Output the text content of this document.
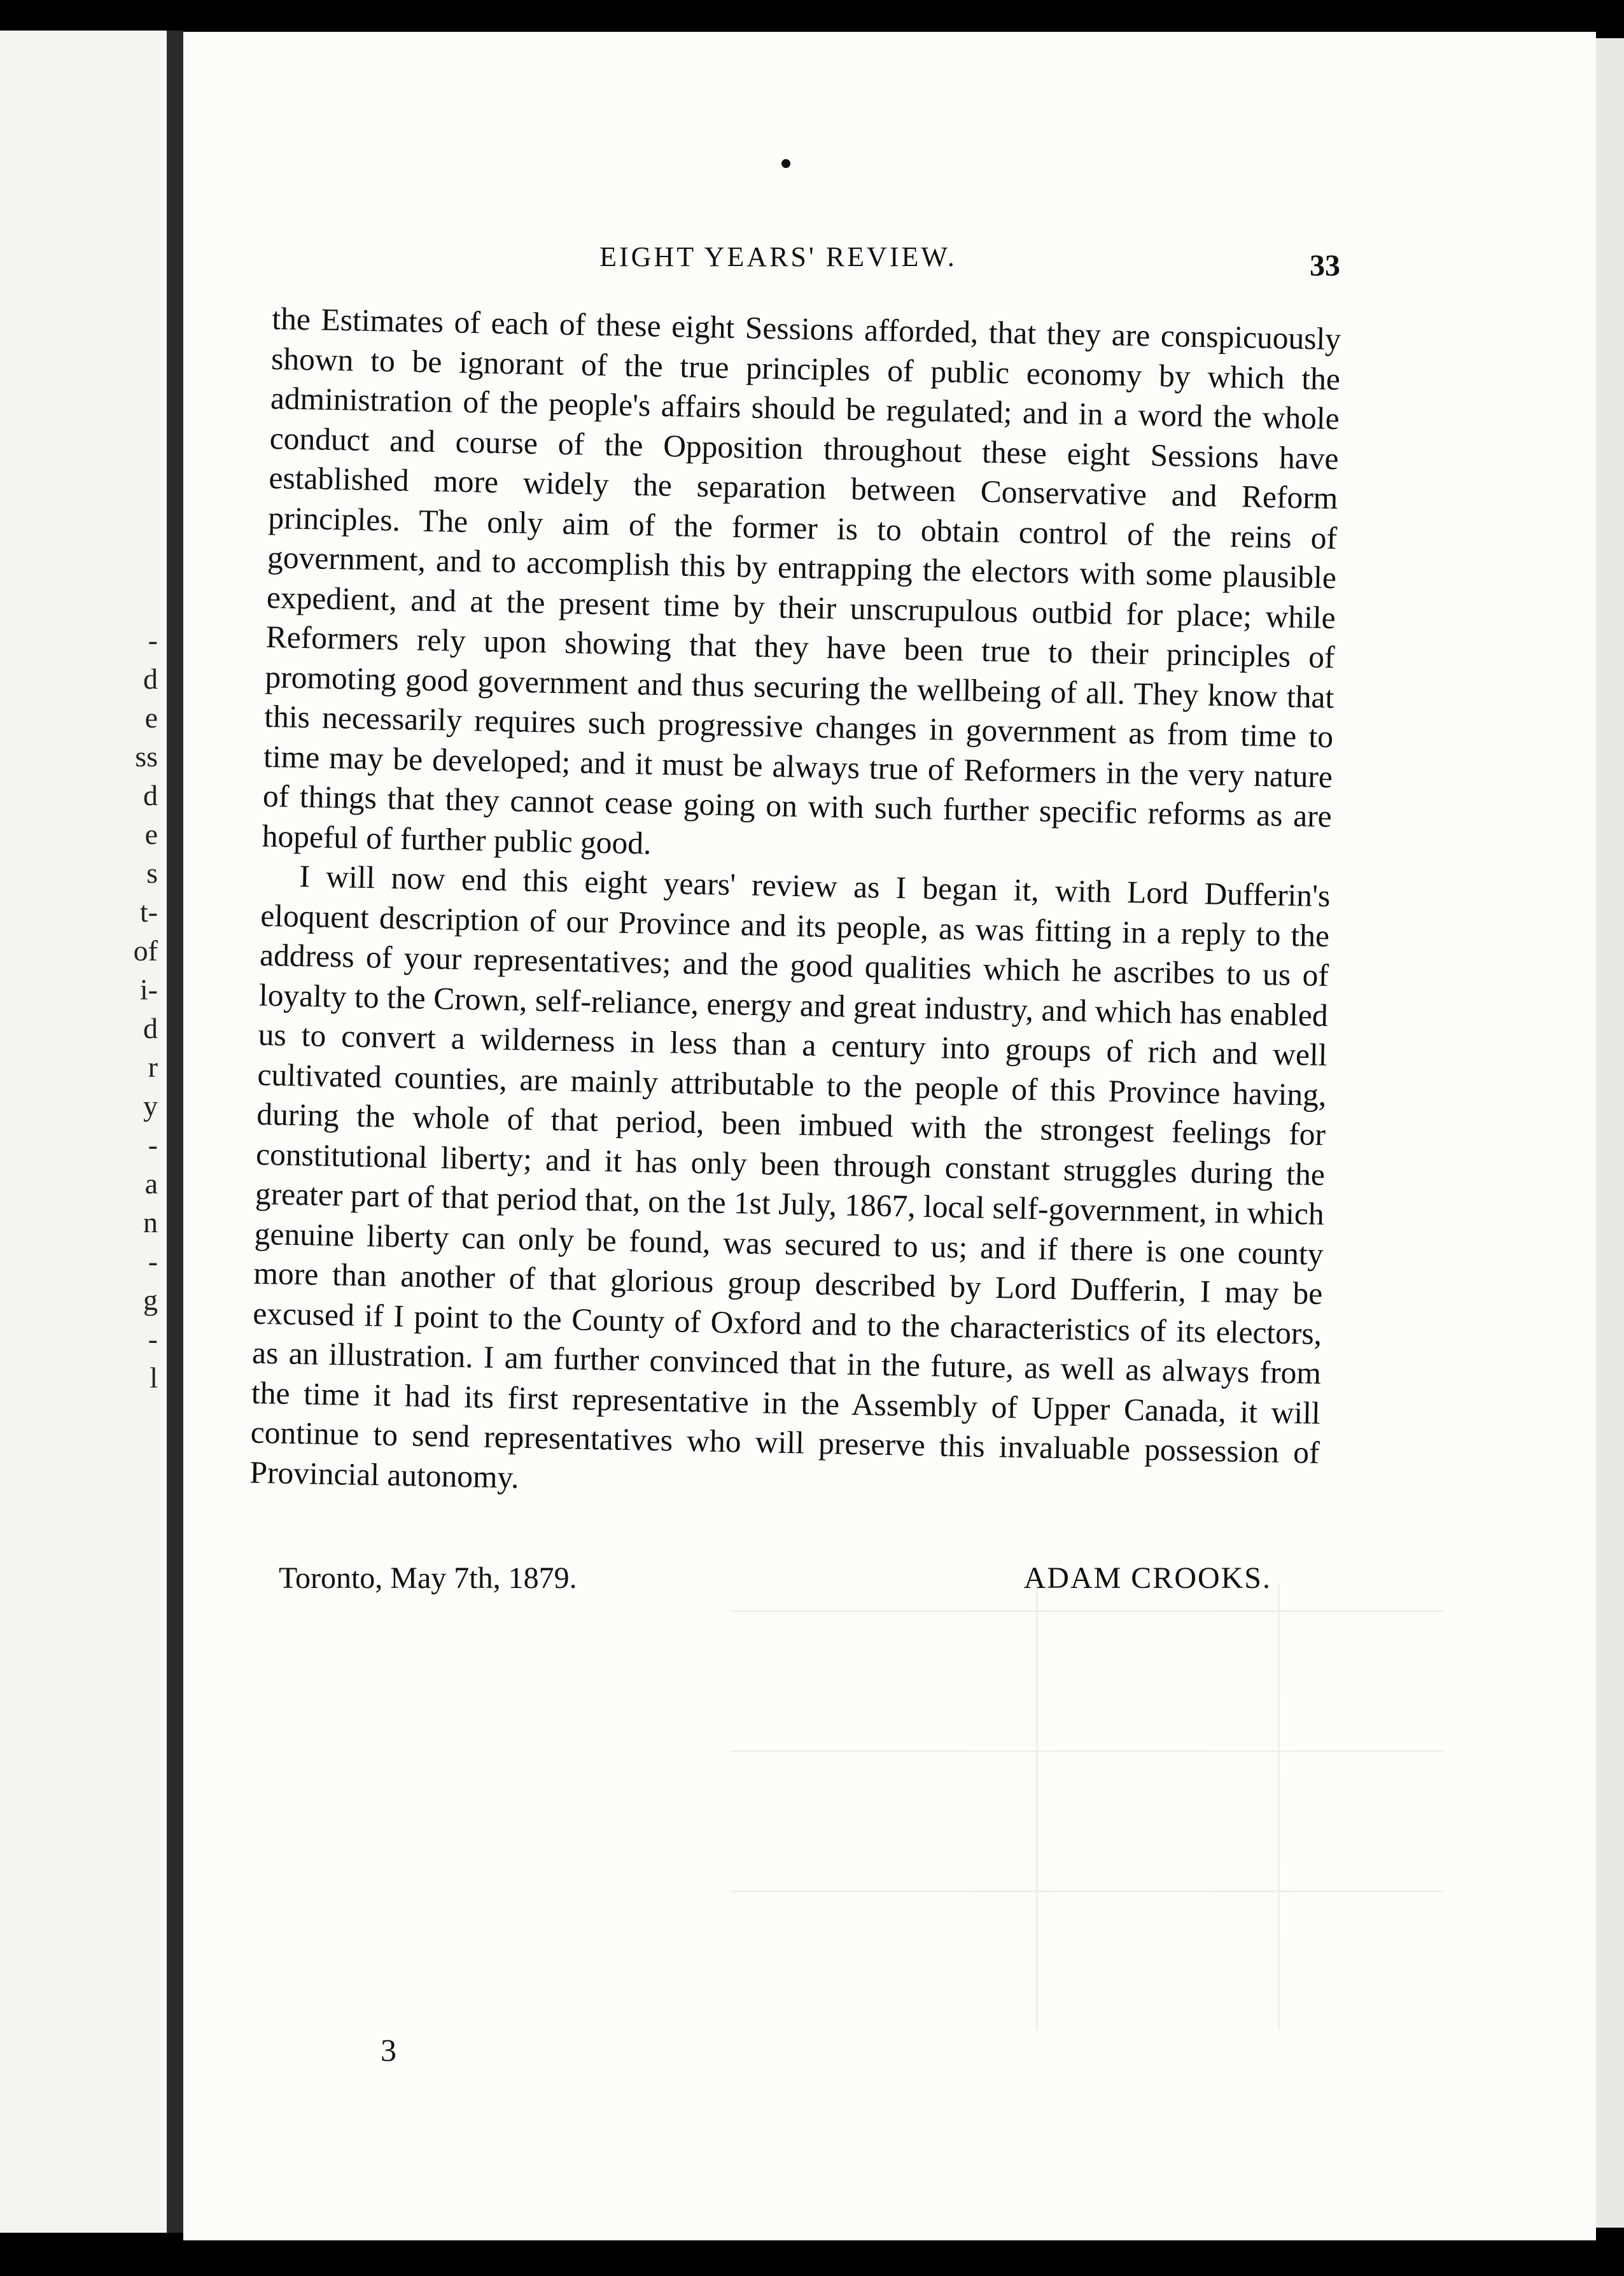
-
d
e
ss
d
e
s
t-
of
i-
d
r
y
-
a
n
-
g
-
l
EIGHT YEARS' REVIEW.	33

the Estimates of each of these eight Sessions afforded, that they are conspicuously shown to be ignorant of the true principles of public economy by which the administration of the people's affairs should be regulated; and in a word the whole conduct and course of the Opposition throughout these eight Sessions have established more widely the separation between Conservative and Reform principles. The only aim of the former is to obtain control of the reins of government, and to accomplish this by entrapping the electors with some plausible expedient, and at the present time by their unscrupulous outbid for place; while Reformers rely upon showing that they have been true to their principles of promoting good government and thus securing the wellbeing of all. They know that this necessarily requires such progressive changes in government as from time to time may be developed; and it must be always true of Reformers in the very nature of things that they cannot cease going on with such further specific reforms as are hopeful of further public good.

I will now end this eight years' review as I began it, with Lord Dufferin's eloquent description of our Province and its people, as was fitting in a reply to the address of your representatives; and the good qualities which he ascribes to us of loyalty to the Crown, self-reliance, energy and great industry, and which has enabled us to convert a wilderness in less than a century into groups of rich and well cultivated counties, are mainly attributable to the people of this Province having, during the whole of that period, been imbued with the strongest feelings for constitutional liberty; and it has only been through constant struggles during the greater part of that period that, on the 1st July, 1867, local self-government, in which genuine liberty can only be found, was secured to us; and if there is one county more than another of that glorious group described by Lord Dufferin, I may be excused if I point to the County of Oxford and to the characteristics of its electors, as an illustration. I am further convinced that in the future, as well as always from the time it had its first representative in the Assembly of Upper Canada, it will continue to send representatives who will preserve this invaluable possession of Provincial autonomy.

Toronto, May 7th, 1879.	ADAM CROOKS.
3
